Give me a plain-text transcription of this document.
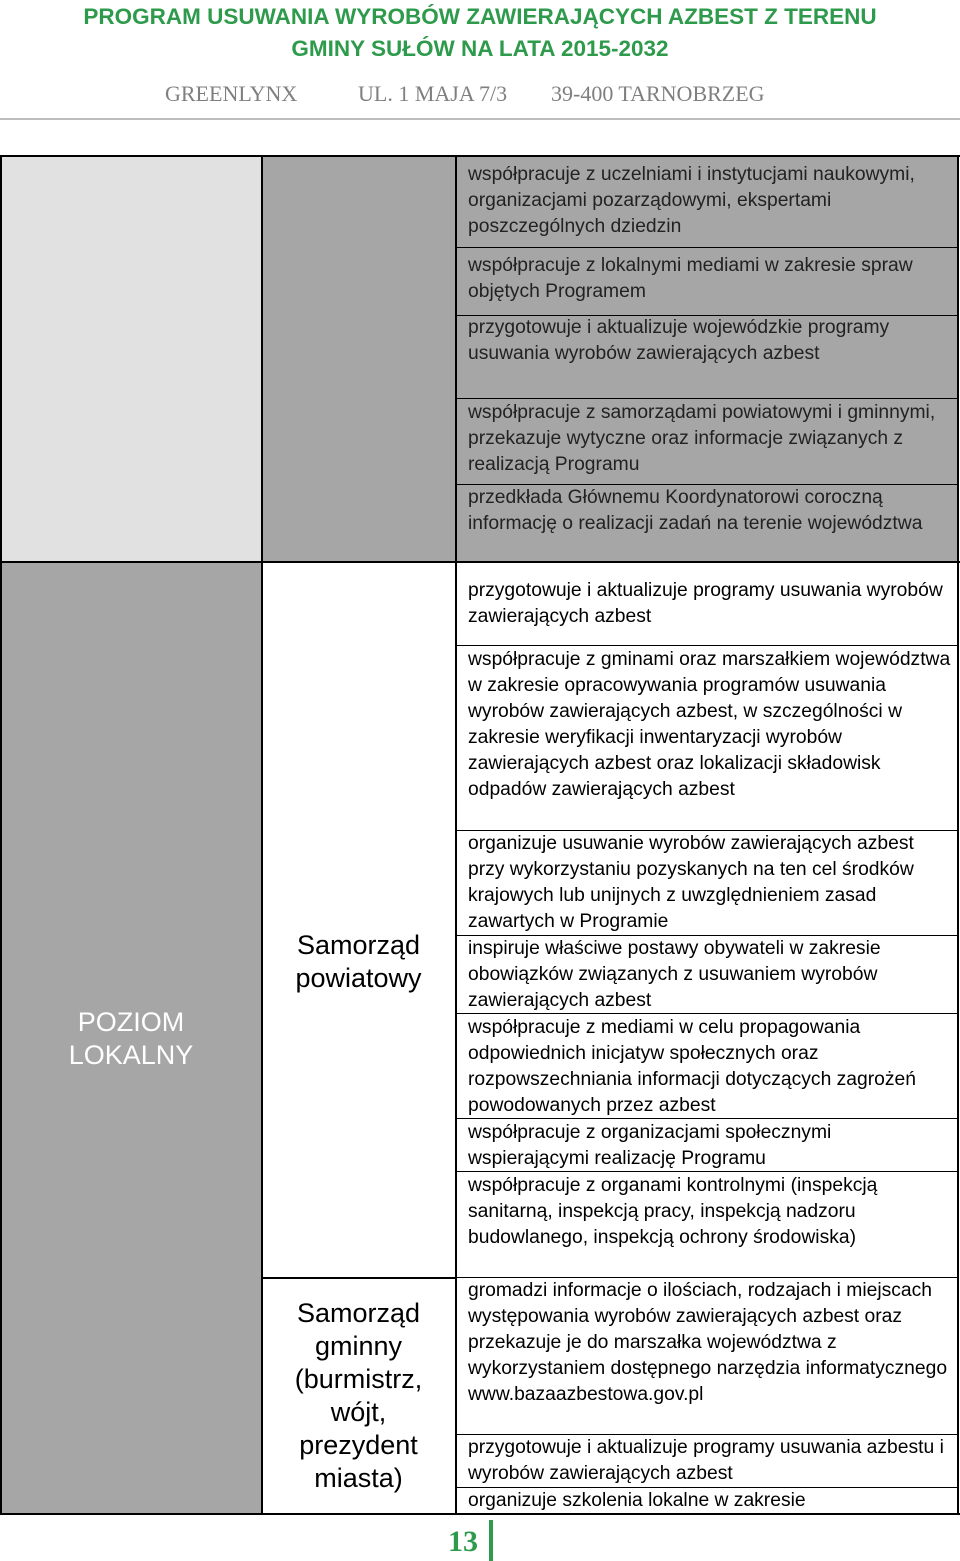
PROGRAM USUWANIA WYROBÓW ZAWIERAJĄCYCH AZBEST Z TERENU
GMINY SUŁÓW NA LATA 2015-2032
GREENLYNX	UL. 1 MAJA 7/3 39-400 TARNOBRZEG
POZIOM LOKALNY
Samorząd powiatowy
Samorząd gminny (burmistrz, wójt, prezydent miasta)
współpracuje z uczelniami i instytucjami naukowymi, organizacjami pozarządowymi, ekspertami poszczególnych dziedzin
współpracuje z lokalnymi mediami w zakresie spraw objętych Programem
przygotowuje i aktualizuje wojewódzkie programy usuwania wyrobów zawierających azbest
współpracuje z samorządami powiatowymi i gminnymi, przekazuje wytyczne oraz informacje związanych z realizacją Programu
przedkłada Głównemu Koordynatorowi coroczną informację o realizacji zadań na terenie województwa
przygotowuje i aktualizuje programy usuwania wyrobów zawierających azbest
współpracuje z gminami oraz marszałkiem województwa w zakresie opracowywania programów usuwania wyrobów zawierających azbest, w szczególności w zakresie weryfikacji inwentaryzacji wyrobów zawierających azbest oraz lokalizacji składowisk odpadów zawierających azbest
organizuje usuwanie wyrobów zawierających azbest przy wykorzystaniu pozyskanych na ten cel środków krajowych lub unijnych z uwzględnieniem zasad zawartych w Programie
inspiruje właściwe postawy obywateli w zakresie obowiązków związanych z usuwaniem wyrobów zawierających azbest
współpracuje z mediami w celu propagowania odpowiednich inicjatyw społecznych oraz rozpowszechniania informacji dotyczących zagrożeń powodowanych przez azbest
współpracuje z organizacjami społecznymi wspierającymi realizację Programu
współpracuje z organami kontrolnymi (inspekcją sanitarną, inspekcją pracy, inspekcją nadzoru budowlanego, inspekcją ochrony środowiska)
gromadzi informacje o ilościach, rodzajach i miejscach występowania wyrobów zawierających azbest oraz przekazuje je do marszałka województwa z wykorzystaniem dostępnego narzędzia informatycznego www.bazaazbestowa.gov.pl
przygotowuje i aktualizuje programy usuwania azbestu i wyrobów zawierających azbest
organizuje szkolenia lokalne w zakresie
13
